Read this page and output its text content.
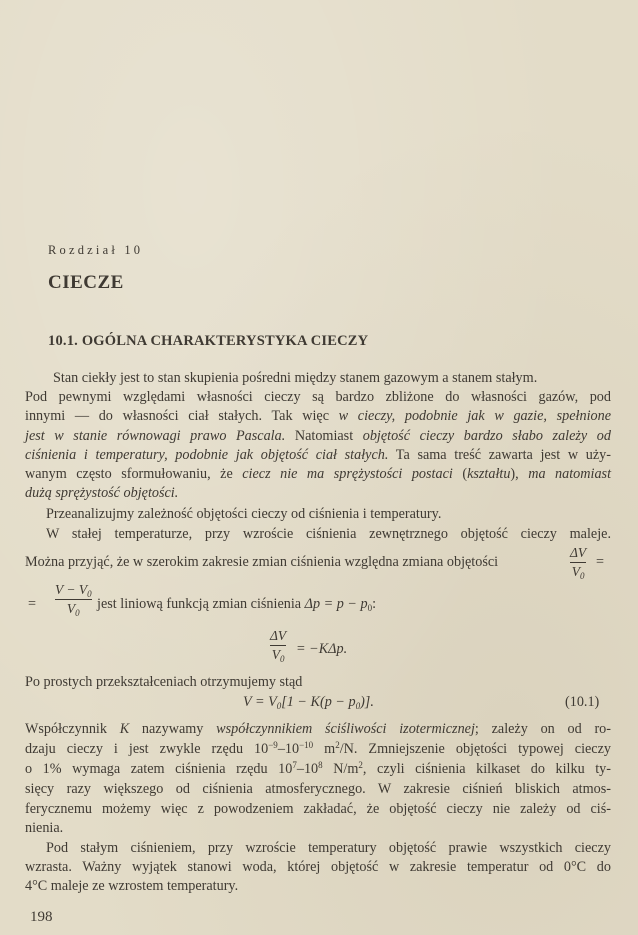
Rozdział 10
CIECZE
10.1. OGÓLNA CHARAKTERYSTYKA CIECZY
Stan ciekły jest to stan skupienia pośredni między stanem gazowym a stanem stałym.
Pod pewnymi względami własności cieczy są bardzo zbliżone do własności gazów, pod
innymi — do własności ciał stałych. Tak więc w cieczy, podobnie jak w gazie, spełnione
jest w stanie równowagi prawo Pascala. Natomiast objętość cieczy bardzo słabo zależy od
ciśnienia i temperatury, podobnie jak objętość ciał stałych. Ta sama treść zawarta jest w uży-
wanym często sformułowaniu, że ciecz nie ma sprężystości postaci (kształtu), ma natomiast
dużą sprężystość objętości.
Przeanalizujmy zależność objętości cieczy od ciśnienia i temperatury.
W stałej temperaturze, przy wzroście ciśnienia zewnętrznego objętość cieczy maleje.
Można przyjąć, że w szerokim zakresie zmian ciśnienia względna zmiana objętości
ΔV
$V_0$
=
=
$V - V_0$
$V_0$
jest liniową funkcją zmian ciśnienia $\Delta p = p - p_0$:
ΔV
$V_0$
= −KΔp.
Po prostych przekształceniach otrzymujemy stąd
$V = V_0[1 - K(p - p_0)]$.	(10.1)
Współczynnik K nazywamy współczynnikiem ściśliwości izotermicznej; zależy on od ro-
dzaju cieczy i jest zwykle rzędu $10^{-9}-10^{-10}$ $m^2/N$. Zmniejszenie objętości typowej cieczy
o 1% wymaga zatem ciśnienia rzędu $10^7-10^8$ $N/m^2$, czyli ciśnienia kilkaset do kilku ty-
sięcy razy większego od ciśnienia atmosferycznego. W zakresie ciśnień bliskich atmos-
ferycznemu możemy więc z powodzeniem zakładać, że objętość cieczy nie zależy od ciś-
nienia.
Pod stałym ciśnieniem, przy wzroście temperatury objętość prawie wszystkich cieczy
wzrasta. Ważny wyjątek stanowi woda, której objętość w zakresie temperatur od 0°C do
4°C maleje ze wzrostem temperatury.
198
